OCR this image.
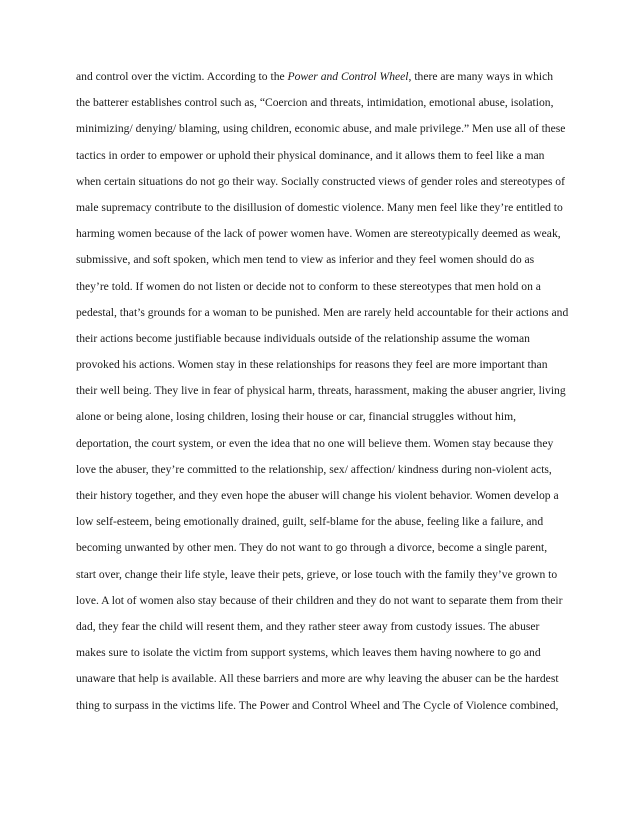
and control over the victim. According to the Power and Control Wheel, there are many ways in which
the batterer establishes control such as, “Coercion and threats, intimidation, emotional abuse, isolation,
minimizing/ denying/ blaming, using children, economic abuse, and male privilege.” Men use all of these
tactics in order to empower or uphold their physical dominance, and it allows them to feel like a man
when certain situations do not go their way. Socially constructed views of gender roles and stereotypes of
male supremacy contribute to the disillusion of domestic violence. Many men feel like they’re entitled to
harming women because of the lack of power women have. Women are stereotypically deemed as weak,
submissive, and soft spoken, which men tend to view as inferior and they feel women should do as
they’re told. If women do not listen or decide not to conform to these stereotypes that men hold on a
pedestal, that’s grounds for a woman to be punished. Men are rarely held accountable for their actions and
their actions become justifiable because individuals outside of the relationship assume the woman
provoked his actions. Women stay in these relationships for reasons they feel are more important than
their well being. They live in fear of physical harm, threats, harassment, making the abuser angrier, living
alone or being alone, losing children, losing their house or car, financial struggles without him,
deportation, the court system, or even the idea that no one will believe them. Women stay because they
love the abuser, they’re committed to the relationship, sex/ affection/ kindness during non-violent acts,
their history together, and they even hope the abuser will change his violent behavior. Women develop a
low self-esteem, being emotionally drained, guilt, self-blame for the abuse, feeling like a failure, and
becoming unwanted by other men. They do not want to go through a divorce, become a single parent,
start over, change their life style, leave their pets, grieve, or lose touch with the family they’ve grown to
love. A lot of women also stay because of their children and they do not want to separate them from their
dad, they fear the child will resent them, and they rather steer away from custody issues. The abuser
makes sure to isolate the victim from support systems, which leaves them having nowhere to go and
unaware that help is available. All these barriers and more are why leaving the abuser can be the hardest
thing to surpass in the victims life. The Power and Control Wheel and The Cycle of Violence combined,
